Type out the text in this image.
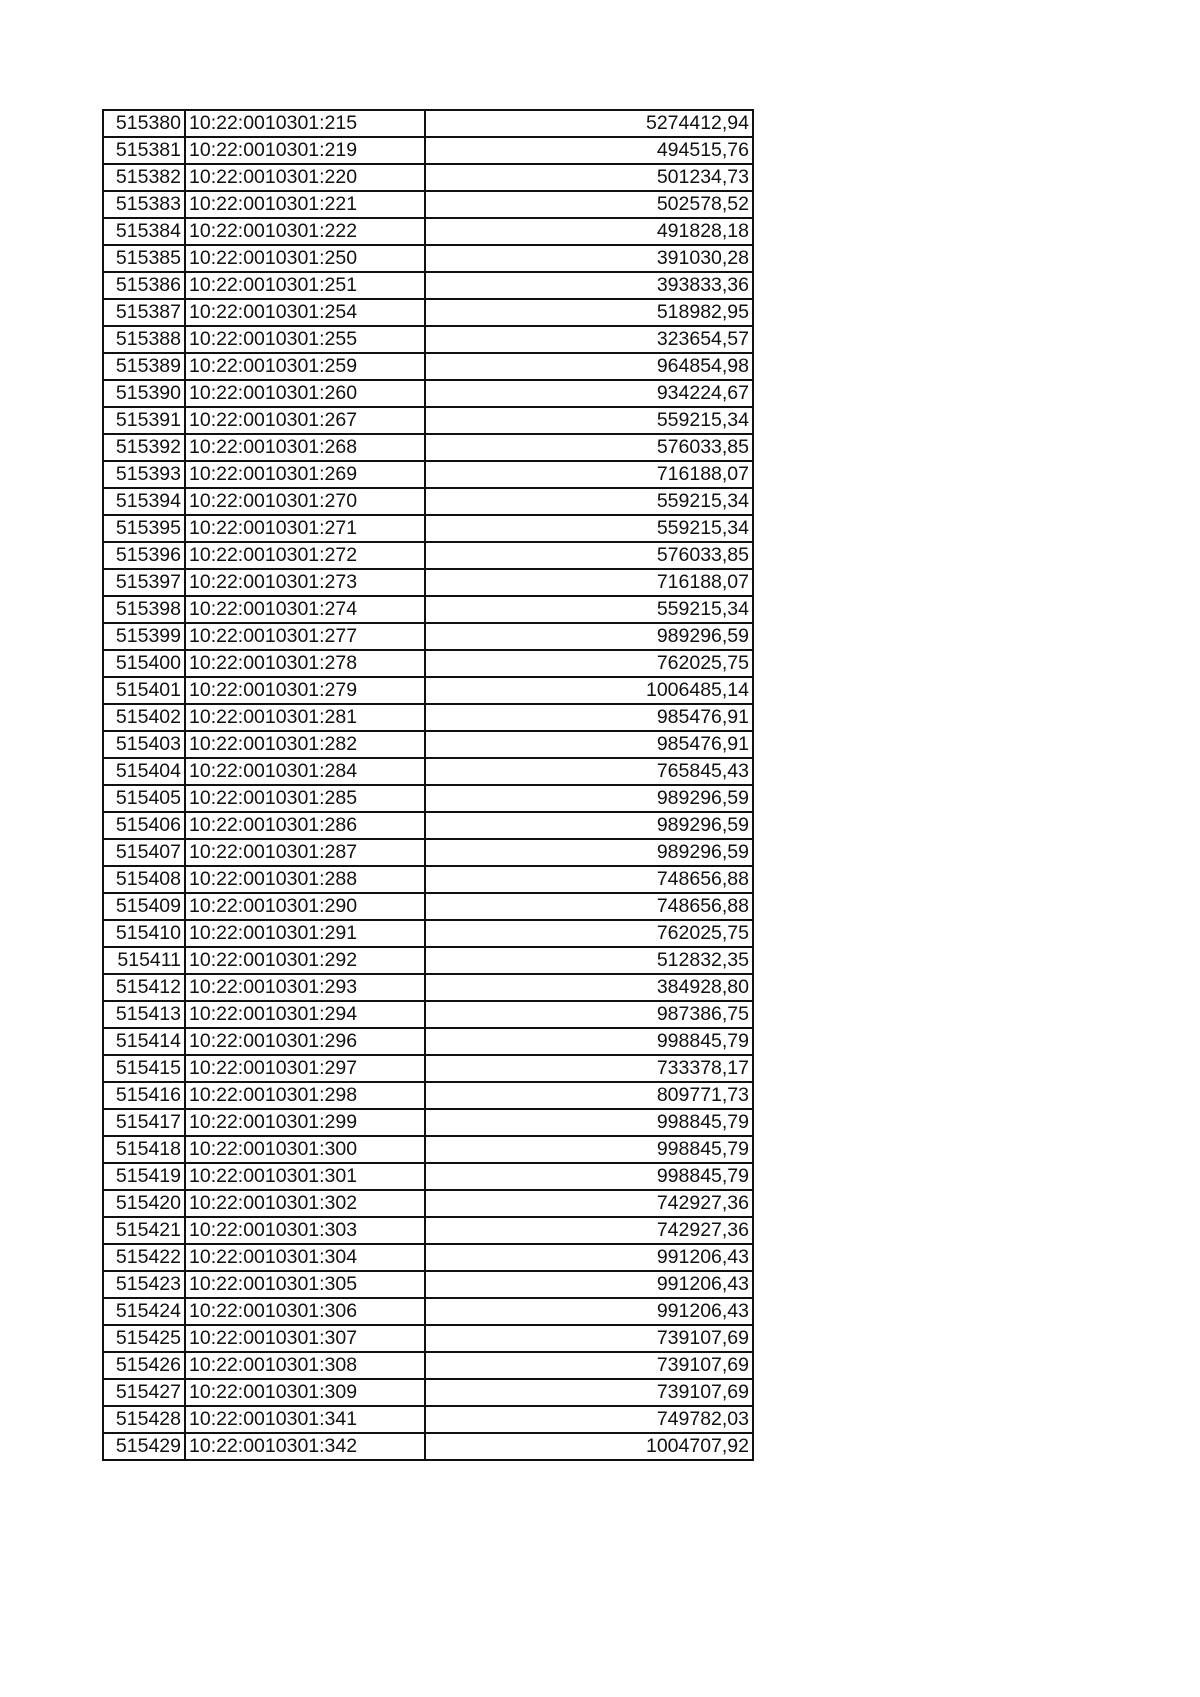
515380	10:22:0010301:215	5274412,94
515381	10:22:0010301:219	494515,76
515382	10:22:0010301:220	501234,73
515383	10:22:0010301:221	502578,52
515384	10:22:0010301:222	491828,18
515385	10:22:0010301:250	391030,28
515386	10:22:0010301:251	393833,36
515387	10:22:0010301:254	518982,95
515388	10:22:0010301:255	323654,57
515389	10:22:0010301:259	964854,98
515390	10:22:0010301:260	934224,67
515391	10:22:0010301:267	559215,34
515392	10:22:0010301:268	576033,85
515393	10:22:0010301:269	716188,07
515394	10:22:0010301:270	559215,34
515395	10:22:0010301:271	559215,34
515396	10:22:0010301:272	576033,85
515397	10:22:0010301:273	716188,07
515398	10:22:0010301:274	559215,34
515399	10:22:0010301:277	989296,59
515400	10:22:0010301:278	762025,75
515401	10:22:0010301:279	1006485,14
515402	10:22:0010301:281	985476,91
515403	10:22:0010301:282	985476,91
515404	10:22:0010301:284	765845,43
515405	10:22:0010301:285	989296,59
515406	10:22:0010301:286	989296,59
515407	10:22:0010301:287	989296,59
515408	10:22:0010301:288	748656,88
515409	10:22:0010301:290	748656,88
515410	10:22:0010301:291	762025,75
515411	10:22:0010301:292	512832,35
515412	10:22:0010301:293	384928,80
515413	10:22:0010301:294	987386,75
515414	10:22:0010301:296	998845,79
515415	10:22:0010301:297	733378,17
515416	10:22:0010301:298	809771,73
515417	10:22:0010301:299	998845,79
515418	10:22:0010301:300	998845,79
515419	10:22:0010301:301	998845,79
515420	10:22:0010301:302	742927,36
515421	10:22:0010301:303	742927,36
515422	10:22:0010301:304	991206,43
515423	10:22:0010301:305	991206,43
515424	10:22:0010301:306	991206,43
515425	10:22:0010301:307	739107,69
515426	10:22:0010301:308	739107,69
515427	10:22:0010301:309	739107,69
515428	10:22:0010301:341	749782,03
515429	10:22:0010301:342	1004707,92
